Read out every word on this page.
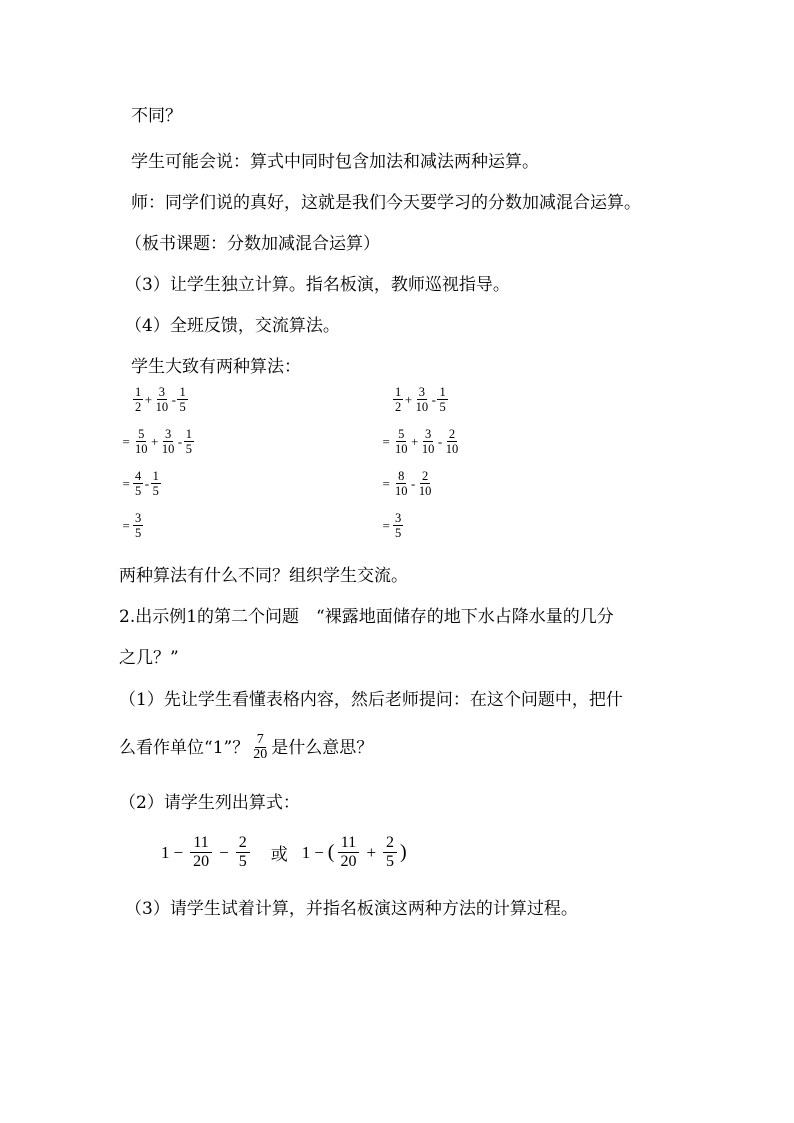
不同？
学生可能会说：算式中同时包含加法和减法两种运算。
师：同学们说的真好，这就是我们今天要学习的分数加减混合运算。
（板书课题：分数加减混合运算）
（3）让学生独立计算。指名板演，教师巡视指导。
（4）全班反馈，交流算法。
学生大致有两种算法：
$\frac{1}{2} + \frac{3}{10} - \frac{1}{5}$
= $\frac{5}{10} + \frac{3}{10} - \frac{1}{5}$
= $\frac{4}{5} - \frac{1}{5}$
= $\frac{3}{5}$
$\frac{1}{2} + \frac{3}{10} - \frac{1}{5}$
= $\frac{5}{10} + \frac{3}{10} - \frac{2}{10}$
= $\frac{8}{10} - \frac{2}{10}$
= $\frac{3}{5}$
两种算法有什么不同？组织学生交流。
2.出示例1的第二个问题　“裸露地面储存的地下水占降水量的几分
之几？”
（1）先让学生看懂表格内容，然后老师提问：在这个问题中，把什
么看作单位“1”？ $\frac{7}{20}$ 是什么意思？
（2）请学生列出算式：
$1 - \frac{11}{20} - \frac{2}{5}$ 或 1 − ( $\frac{11}{20} + \frac{2}{5}$ )
（3）请学生试着计算，并指名板演这两种方法的计算过程。
